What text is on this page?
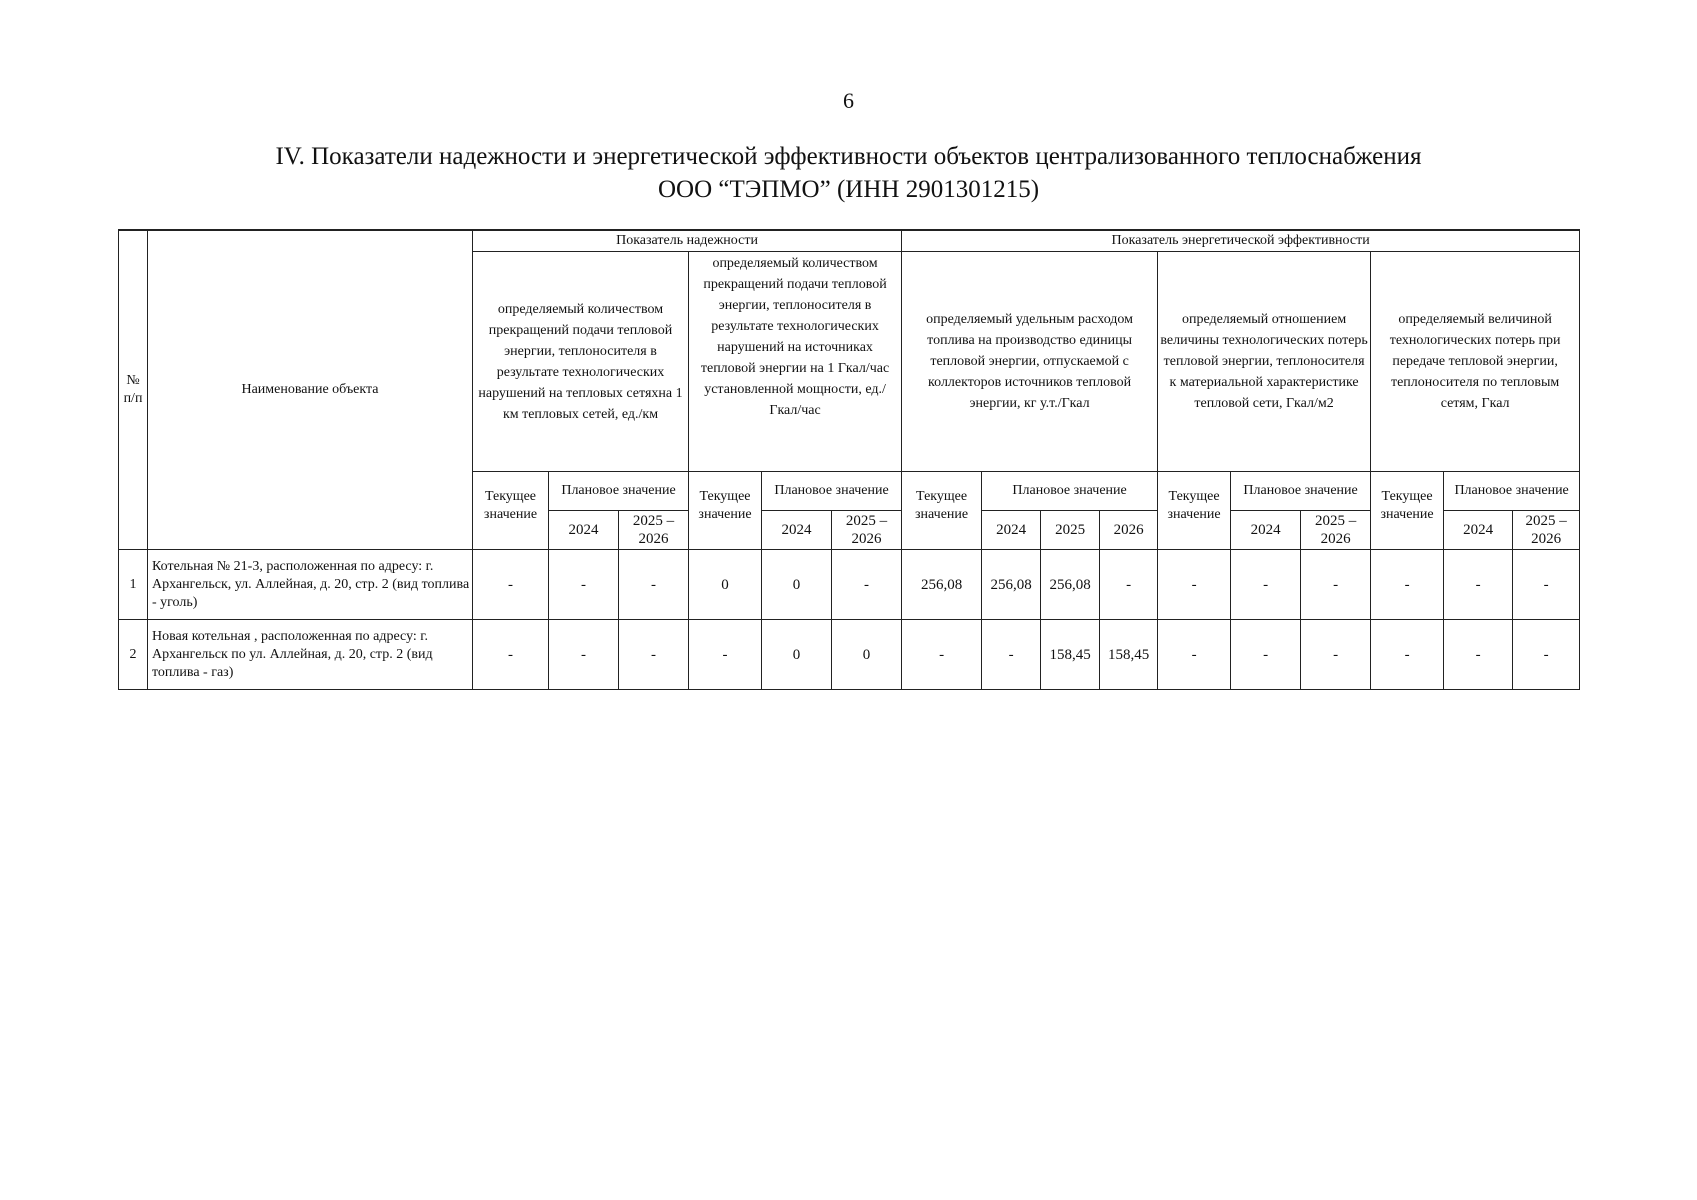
6
IV. Показатели надежности и энергетической эффективности объектов централизованного теплоснабжения
ООО “ТЭПМО” (ИНН 2901301215)
№ п/п	Наименование объекта	Показатель надежности						Показатель энергетической эффективности									
		определяемый количеством прекращений подачи тепловой энергии, теплоносителя в результате технологических нарушений на тепловых сетяхна 1 км тепловых сетей, ед./км			определяемый количеством прекращений подачи тепловой энергии, теплоносителя в результате технологических нарушений на источниках тепловой энергии на 1 Гкал/час установленной мощности, ед./Гкал/час			определяемый удельным расходом топлива на производство единицы тепловой энергии, отпускаемой с коллекторов источников тепловой энергии, кг у.т./Гкал				определяемый отношением величины технологических потерь тепловой энергии, теплоносителя к материальной характеристике тепловой сети, Гкал/м2			определяемый величиной технологических потерь при передаче тепловой энергии, теплоносителя по тепловым сетям, Гкал		
		Текущее значение	Плановое значение		Текущее значение	Плановое значение		Текущее значение	Плановое значение			Текущее значение	Плановое значение		Текущее значение	Плановое значение	
			2024	2025 – 2026		2024	2025 – 2026		2024	2025	2026		2024	2025 – 2026		2024	2025 – 2026
1	Котельная № 21-3, расположенная по адресу: г. Архангельск, ул. Аллейная, д. 20, стр. 2 (вид топлива - уголь)	-	-	-	0	0	-	256,08	256,08	256,08	-	-	-	-	-	-	-
2	Новая котельная , расположенная по адресу: г. Архангельск по ул. Аллейная, д. 20, стр. 2 (вид топлива - газ)	-	-	-	-	0	0	-	-	158,45	158,45	-	-	-	-	-	-
